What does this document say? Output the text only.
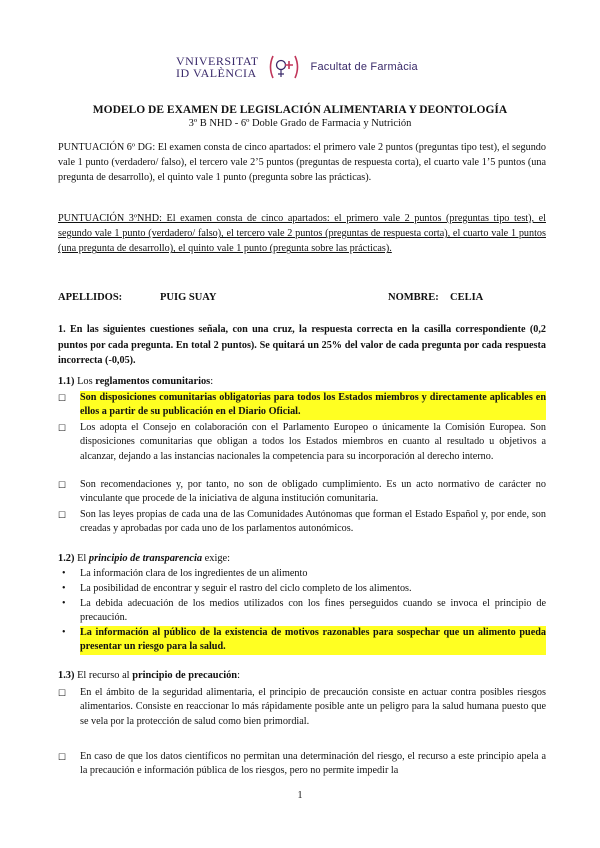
VNIVERSITAT
ID VALÈNCIA	Facultat de Farmàcia
MODELO DE EXAMEN DE LEGISLACIÓN ALIMENTARIA Y DEONTOLOGÍA
3º B NHD - 6º Doble Grado de Farmacia y Nutrición
PUNTUACIÓN 6º DG: El examen consta de cinco apartados: el primero vale 2 puntos (preguntas tipo test), el segundo vale 1 punto (verdadero/ falso), el tercero vale 2’5 puntos (preguntas de respuesta corta), el cuarto vale 1’5 puntos (una pregunta de desarrollo), el quinto vale 1 punto (pregunta sobre las prácticas).
PUNTUACIÓN 3ºNHD: El examen consta de cinco apartados: el primero vale 2 puntos (preguntas tipo test), el segundo vale 1 punto (verdadero/ falso), el tercero vale 2 puntos (preguntas de respuesta corta), el cuarto vale 1 puntos (una pregunta de desarrollo), el quinto vale 1 punto (pregunta sobre las prácticas).
APELLIDOS:	PUIG SUAY	NOMBRE: CELIA
1. En las siguientes cuestiones señala, con una cruz, la respuesta correcta en la casilla correspondiente (0,2 puntos por cada pregunta. En total 2 puntos). Se quitará un 25% del valor de cada pregunta por cada respuesta incorrecta (-0,05).
1.1) Los reglamentos comunitarios:
☐	Son disposiciones comunitarias obligatorias para todos los Estados miembros y directamente aplicables en ellos a partir de su publicación en el Diario Oficial.
☐	Los adopta el Consejo en colaboración con el Parlamento Europeo o únicamente la Comisión Europea. Son disposiciones comunitarias que obligan a todos los Estados miembros en cuanto al resultado u objetivos a alcanzar, dejando a las instancias nacionales la competencia para su incorporación al derecho interno.
☐	Son recomendaciones y, por tanto, no son de obligado cumplimiento. Es un acto normativo de carácter no vinculante que procede de la iniciativa de alguna institución comunitaria.
☐	Son las leyes propias de cada una de las Comunidades Autónomas que forman el Estado Español y, por ende, son creadas y aprobadas por cada uno de los parlamentos autonómicos.
1.2) El principio de transparencia exige:
• La información clara de los ingredientes de un alimento
• La posibilidad de encontrar y seguir el rastro del ciclo completo de los alimentos.
• La debida adecuación de los medios utilizados con los fines perseguidos cuando se invoca el principio de precaución.
• La información al público de la existencia de motivos razonables para sospechar que un alimento pueda presentar un riesgo para la salud.
1.3) El recurso al principio de precaución:
☐	En el ámbito de la seguridad alimentaria, el principio de precaución consiste en actuar contra posibles riesgos alimentarios. Consiste en reaccionar lo más rápidamente posible ante un peligro para la salud humana puesto que se vela por la protección de salud como bien primordial.
☐	En caso de que los datos científicos no permitan una determinación del riesgo, el recurso a este principio apela a la precaución e información pública de los riesgos, pero no permite impedir la
1
